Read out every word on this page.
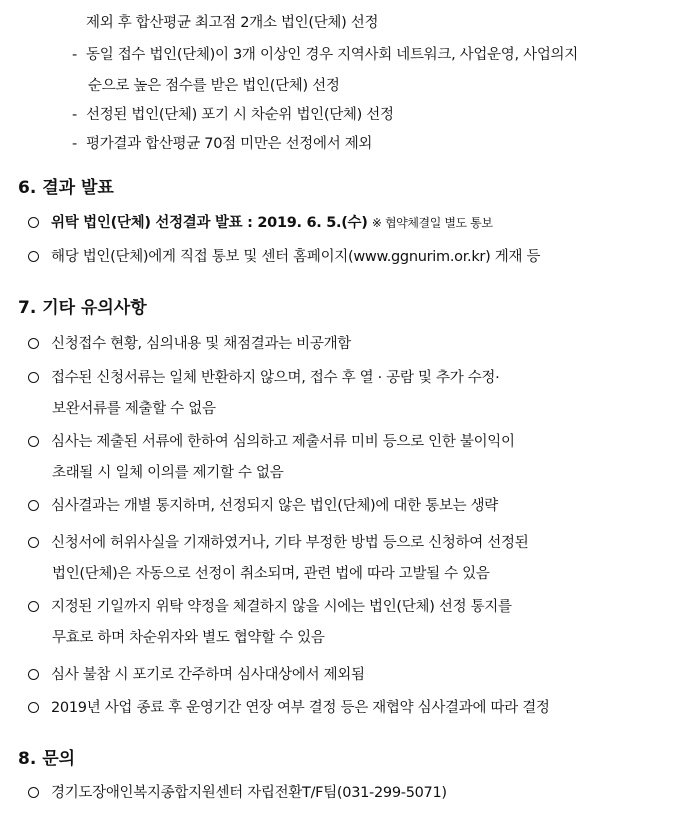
제외 후 합산평균 최고점 2개소 법인(단체) 선정
- 동일 접수 법인(단체)이 3개 이상인 경우 지역사회 네트워크, 사업운영, 사업의지
순으로 높은 점수를 받은 법인(단체) 선정
- 선정된 법인(단체) 포기 시 차순위 법인(단체) 선정
- 평가결과 합산평균 70점 미만은 선정에서 제외
6. 결과 발표
위탁 법인(단체) 선정결과 발표 : 2019. 6. 5.(수) ※ 협약체결일 별도 통보
해당 법인(단체)에게 직접 통보 및 센터 홈페이지(www.ggnurim.or.kr) 게재 등
7. 기타 유의사항
신청접수 현황, 심의내용 및 채점결과는 비공개함
접수된 신청서류는 일체 반환하지 않으며, 접수 후 열 · 공람 및 추가 수정·
보완서류를 제출할 수 없음
심사는 제출된 서류에 한하여 심의하고 제출서류 미비 등으로 인한 불이익이
초래될 시 일체 이의를 제기할 수 없음
심사결과는 개별 통지하며, 선정되지 않은 법인(단체)에 대한 통보는 생략
신청서에 허위사실을 기재하였거나, 기타 부정한 방법 등으로 신청하여 선정된
법인(단체)은 자동으로 선정이 취소되며, 관련 법에 따라 고발될 수 있음
지정된 기일까지 위탁 약정을 체결하지 않을 시에는 법인(단체) 선정 통지를
무효로 하며 차순위자와 별도 협약할 수 있음
심사 불참 시 포기로 간주하며 심사대상에서 제외됨
2019년 사업 종료 후 운영기간 연장 여부 결정 등은 재협약 심사결과에 따라 결정
8. 문의
경기도장애인복지종합지원센터 자립전환T/F팀(031-299-5071)
